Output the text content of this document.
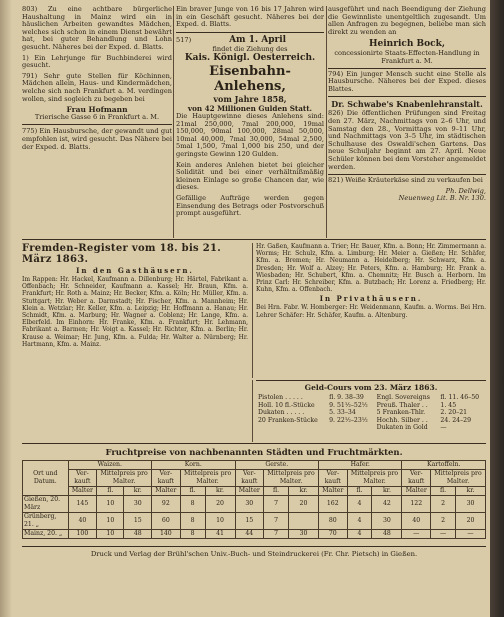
803) Zu eine achtbare bürgerliche Haushaltung in Mainz wird ein in häuslichen Arbeiten gewandtes Mädchen, welches sich schon in einem Dienst bewährt hat, bei guter Behandlung und Lohn gesucht. Näheres bei der Exped. d. Blatts.

1) Ein Lehrjunge für Buchbinderei wird gesucht.

791) Sehr gute Stellen für Köchinnen, Mädchen allein, Haus- und Kindermädchen, welche sich nach Frankfurt a. M. verdingen wollen, sind sogleich zu begeben bei

Frau Hofmann
Trierische Gasse 6 in Frankfurt a. M.

775) Ein Hausbursche, der gewandt und gut empfohlen ist, wird gesucht. Das Nähere bei der Exped. d. Blatts.

Ein braver Junge von 16 bis 17 Jahren wird in ein Geschäft gesucht. Näheres bei der Exped. d. Blatts.

517)	Am 1. April
findet die Ziehung des
Kais. Königl. Oesterreich.
Eisenbahn-Anlehens,
vom Jahre 1858,
von 42 Millionen Gulden Statt.

Die Hauptgewinne dieses Anlehens sind: 21mal 250,000, 7mal 200,000, 19mal 150,000, 90mal 100,000, 28mal 50,000, 10mal 40,000, 7mal 30,000, 54mal 2,500, 5mal 1,500, 7mal 1,000 bis 250, und der geringste Gewinn 120 Gulden.

Kein anderes Anlehen bietet bei gleicher Solidität und bei einer verhältnißmäßig kleinen Einlage so große Chancen dar, wie dieses.

Gefällige Aufträge werden gegen Einsendung des Betrags oder Postvorschuß prompt ausgeführt.

ausgeführt und nach Beendigung der Ziehung die Gewinnliste unentgeltlich zugesandt. Um allen Anfragen zu begegnen, beliebe man sich direkt zu wenden an

Heinrich Bock,
concessionirte Staats-Effecten-Handlung in Frankfurt a. M.

794) Ein junger Mensch sucht eine Stelle als Hausbursche. Näheres bei der Exped. dieses Blattes.

Dr. Schwabe's Knabenlehranstalt.

826) Die öffentlichen Prüfungen sind Freitag den 27. März, Nachmittags von 2–6 Uhr, und Samstag den 28., Vormittags von 9–11 Uhr, und Nachmittags von 3–5 Uhr, im städtischen Schulhause des Oswaldi'schen Gartens. Das neue Schuljahr beginnt am 27. April. Neue Schüler können bei dem Vorsteher angemeldet werden.

821) Weiße Kräuterkäse sind zu verkaufen bei

Ph. Dellwig,
Neuenweg Lit. B. Nr. 130.
Fremden-Register vom 18. bis 21. März 1863.
In den Gasthäusern.
Im Rappen: Hr. Hackel, Kaufmann a. Dillenburg; Hr. Härtel, Fabrikant a. Offenbach; Hr. Schneider, Kaufmann a. Kassel; Hr. Braun, Kfm. a. Frankfurt; Hr. Roth a. Mainz; Hr. Becker, Kfm. a. Köln; Hr. Müller, Kfm. a. Stuttgart; Hr. Weber a. Darmstadt; Hr. Fischer, Kfm. a. Mannheim; Hr. Klein a. Wetzlar; Hr. Keller, Kfm. a. Leipzig; Hr. Hoffmann a. Hanau; Hr. Schmidt, Kfm. a. Marburg; Hr. Wagner a. Coblenz; Hr. Lange, Kfm. a. Elberfeld. Im Einhorn: Hr. Franke, Kfm. a. Frankfurt; Hr. Lehmann, Fabrikant a. Barmen; Hr. Voigt a. Kassel; Hr. Richter, Kfm. a. Berlin; Hr. Krause a. Weimar; Hr. Jung, Kfm. a. Fulda; Hr. Walter a. Nürnberg; Hr. Hartmann, Kfm. a. Mainz.
Hr. Gaßen, Kaufmann a. Trier; Hr. Bauer, Kfm. a. Bonn; Hr. Zimmermann a. Worms; Hr. Schulz, Kfm. a. Limburg; Hr. Meier a. Gießen; Hr. Schäfer, Kfm. a. Bremen; Hr. Neumann a. Heidelberg; Hr. Schwarz, Kfm. a. Dresden; Hr. Wolf a. Alzey; Hr. Peters, Kfm. a. Hamburg; Hr. Frank a. Wiesbaden; Hr. Schubert, Kfm. a. Chemnitz; Hr. Busch a. Herborn. Im Prinz Carl: Hr. Schreiber, Kfm. a. Butzbach; Hr. Lorenz a. Friedberg; Hr. Kuhn, Kfm. a. Offenbach.
In Privathäusern.
Bei Hrn. Fabr. W. Homberger: Hr. Weidenmann, Kaufm. a. Worms. Bei Hrn. Lehrer Schäfer: Hr. Schäfer, Kaufm. a. Altenburg.
Geld-Cours vom 23. März 1863.
Pistolen . . . . .	fl. 9. 38–39	Engl. Sovereigns	fl. 11. 46–50
Holl. 10 fl.-Stücke	9. 51½–52½	Preuß. Thaler . .	1. 45
Dukaten . . . . .	5. 33–34	5 Franken-Thlr.	2. 20–21
20 Franken-Stücke	9. 22½–23½	Hochh. Silber . .	24. 24–29
		Dukaten in Gold	—
Fruchtpreise von nachbenannten Städten und Fruchtmärkten.
Ort und Datum.	Waizen.			Korn.			Gerste.			Hafer.			Kartoffeln.		
	Ver- kauft	Mittelpreis pro Malter.		Ver- kauft	Mittelpreis pro Malter.		Ver- kauft	Mittelpreis pro Malter.		Ver- kauft	Mittelpreis pro Malter.		Ver- kauft	Mittelpreis pro Malter.	
	Malter	fl.	kr.	Malter	fl.	kr.	Malter	fl.	kr.	Malter	fl.	kr.	Malter	fl.	kr.
Gießen, 20. März	145	10	30	92	8	20	30	7	20	162	4	42	122	2	30
Grünberg, 21. „	40	10	15	60	8	10	15	7		80	4	30	40	2	20
Mainz, 20. „	100	10	48	140	8	41	44	7	30	70	4	48	—	—	—
Druck und Verlag der Brühl'schen Univ.-Buch- und Steindruckerei (Fr. Chr. Pietsch) in Gießen.
